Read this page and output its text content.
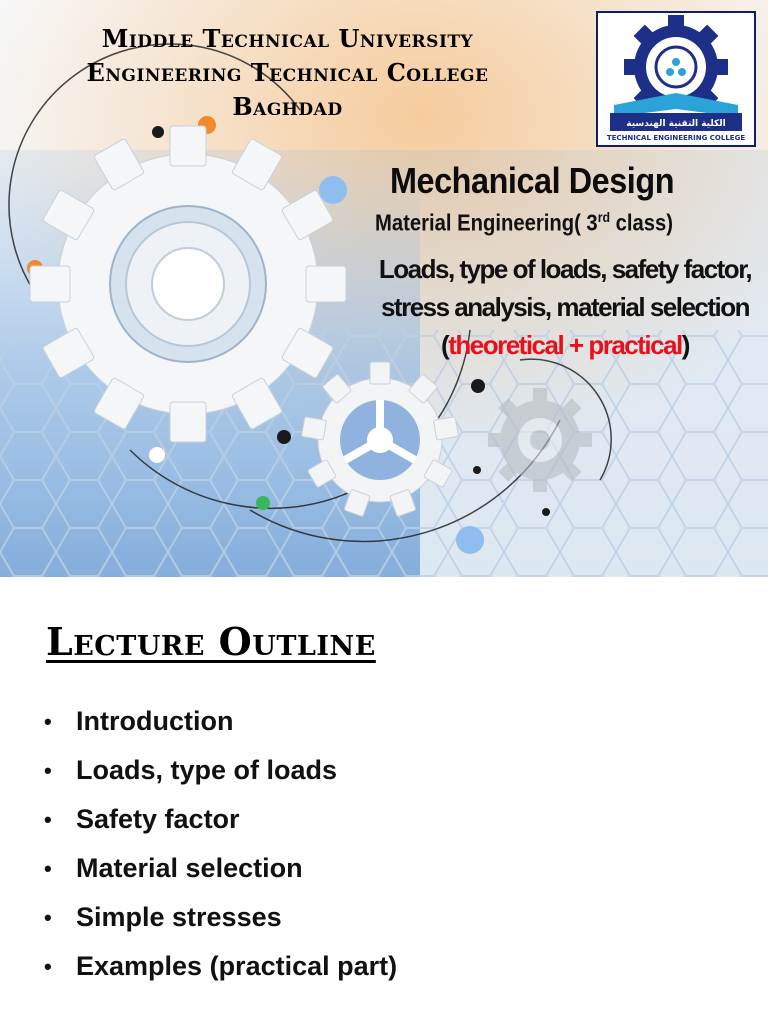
Middle Technical University
Engineering Technical College
Baghdad
الكلية التقنية الهندسية
TECHNICAL ENGINEERING COLLEGE
Mechanical Design
Material Engineering( 3rd class)
Loads, type of loads, safety factor,
stress analysis, material selection
(theoretical + practical)
Lecture Outline
• Introduction
• Loads, type of loads
• Safety factor
• Material selection
• Simple stresses
• Examples (practical part)
